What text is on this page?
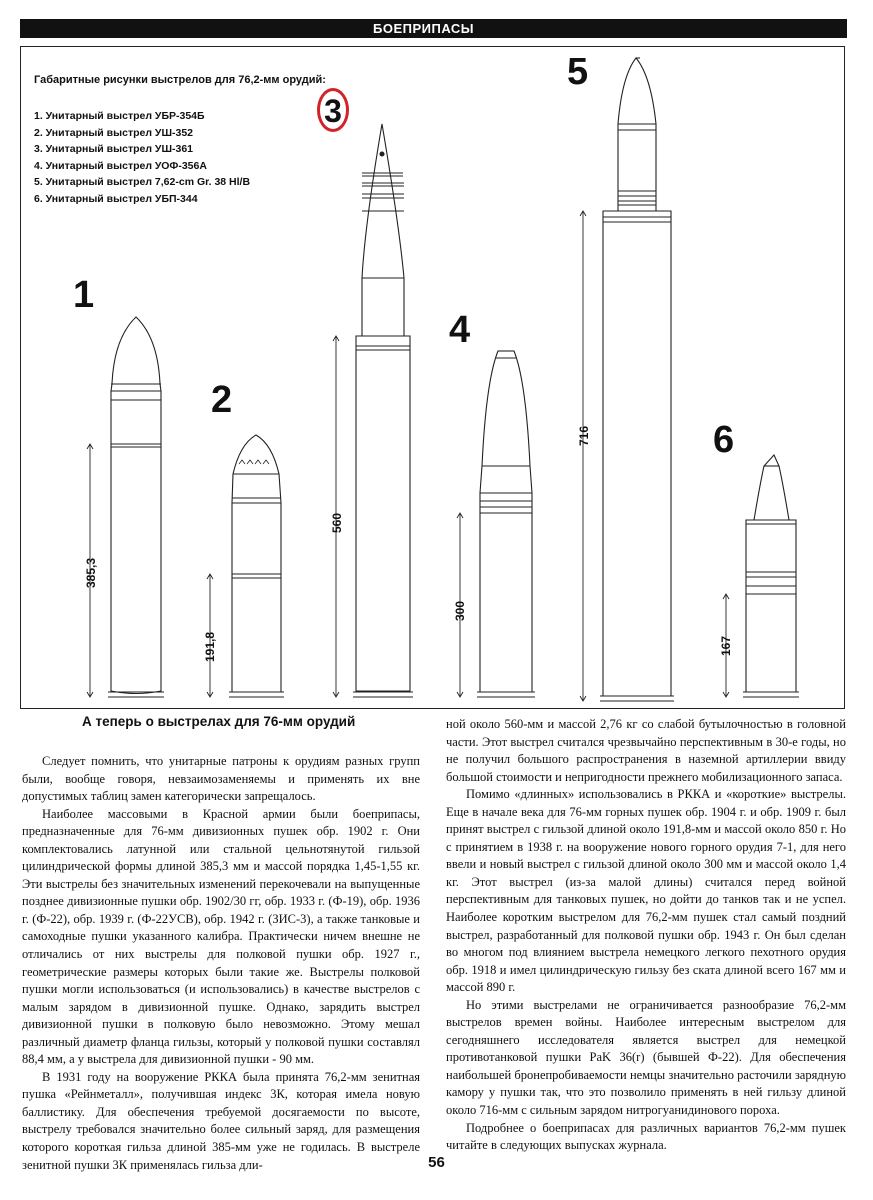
БОЕПРИПАСЫ
Габаритные рисунки выстрелов для 76,2-мм орудий:
1. Унитарный выстрел УБР-354Б
2. Унитарный выстрел УШ-352
3. Унитарный выстрел УШ-361
4. Унитарный выстрел УОФ-356А
5. Унитарный выстрел 7,62-cm Gr. 38 Hl/B
6. Унитарный выстрел УБП-344
1
2
3
4
5
6
385,3
191,8
560
300
716
167
А теперь о выстрелах для 76-мм орудий

Следует помнить, что унитарные патроны к орудиям разных групп были, вообще говоря, невзаимозаменяемы и применять их вне допустимых таблиц замен категорически запрещалось.

Наиболее массовыми в Красной армии были боеприпасы, предназначенные для 76-мм дивизионных пушек обр. 1902 г. Они комплектовались латунной или стальной цельнотянутой гильзой цилиндрической формы длиной 385,3 мм и массой порядка 1,45-1,55 кг. Эти выстрелы без значительных изменений перекочевали на выпущенные позднее дивизионные пушки обр. 1902/30 гг, обр. 1933 г. (Ф-19), обр. 1936 г. (Ф-22), обр. 1939 г. (Ф-22УСВ), обр. 1942 г. (ЗИС-3), а также танковые и самоходные пушки указанного калибра. Практически ничем внешне не отличались от них выстрелы для полковой пушки обр. 1927 г., геометрические размеры которых были такие же. Выстрелы полковой пушки могли использоваться (и использовались) в качестве выстрелов с малым зарядом в дивизионной пушке. Однако, зарядить выстрел дивизионной пушки в полковую было невозможно. Этому мешал различный диаметр фланца гильзы, который у полковой пушки составлял 88,4 мм, а у выстрела для дивизионной пушки - 90 мм.

В 1931 году на вооружение РККА была принята 76,2-мм зенитная пушка «Рейнметалл», получившая индекс 3К, которая имела новую баллистику. Для обеспечения требуемой досягаемости по высоте, выстрелу требовался значительно более сильный заряд, для размещения которого короткая гильза длиной 385-мм уже не годилась. В выстреле зенитной пушки 3К применялась гильза дли-

ной около 560-мм и массой 2,76 кг со слабой бутылочностью в головной части. Этот выстрел считался чрезвычайно перспективным в 30-е годы, но не получил большого распространения в наземной артиллерии ввиду большой стоимости и непригодности прежнего мобилизационного запаса.

Помимо «длинных» использовались в РККА и «короткие» выстрелы. Еще в начале века для 76-мм горных пушек обр. 1904 г. и обр. 1909 г. был принят выстрел с гильзой длиной около 191,8-мм и массой около 850 г. Но с принятием в 1938 г. на вооружение нового горного орудия 7-1, для него ввели и новый выстрел с гильзой длиной около 300 мм и массой около 1,4 кг. Этот выстрел (из-за малой длины) считался перед войной перспективным для танковых пушек, но дойти до танков так и не успел. Наиболее коротким выстрелом для 76,2-мм пушек стал самый поздний выстрел, разработанный для полковой пушки обр. 1943 г. Он был сделан во многом под влиянием выстрела немецкого легкого пехотного орудия обр. 1918 и имел цилиндрическую гильзу без ската длиной всего 167 мм и массой 890 г.

Но этими выстрелами не ограничивается разнообразие 76,2-мм выстрелов времен войны. Наиболее интересным выстрелом для сегодняшнего исследователя является выстрел для немецкой противотанковой пушки PaK 36(r) (бывшей Ф-22). Для обеспечения наибольшей бронепробиваемости немцы значительно расточили зарядную камору у пушки так, что это позволило применять в ней гильзу длиной около 716-мм с сильным зарядом нитрогуанидинового пороха.

Подробнее о боеприпасах для различных вариантов 76,2-мм пушек читайте в следующих выпусках журнала.

56
